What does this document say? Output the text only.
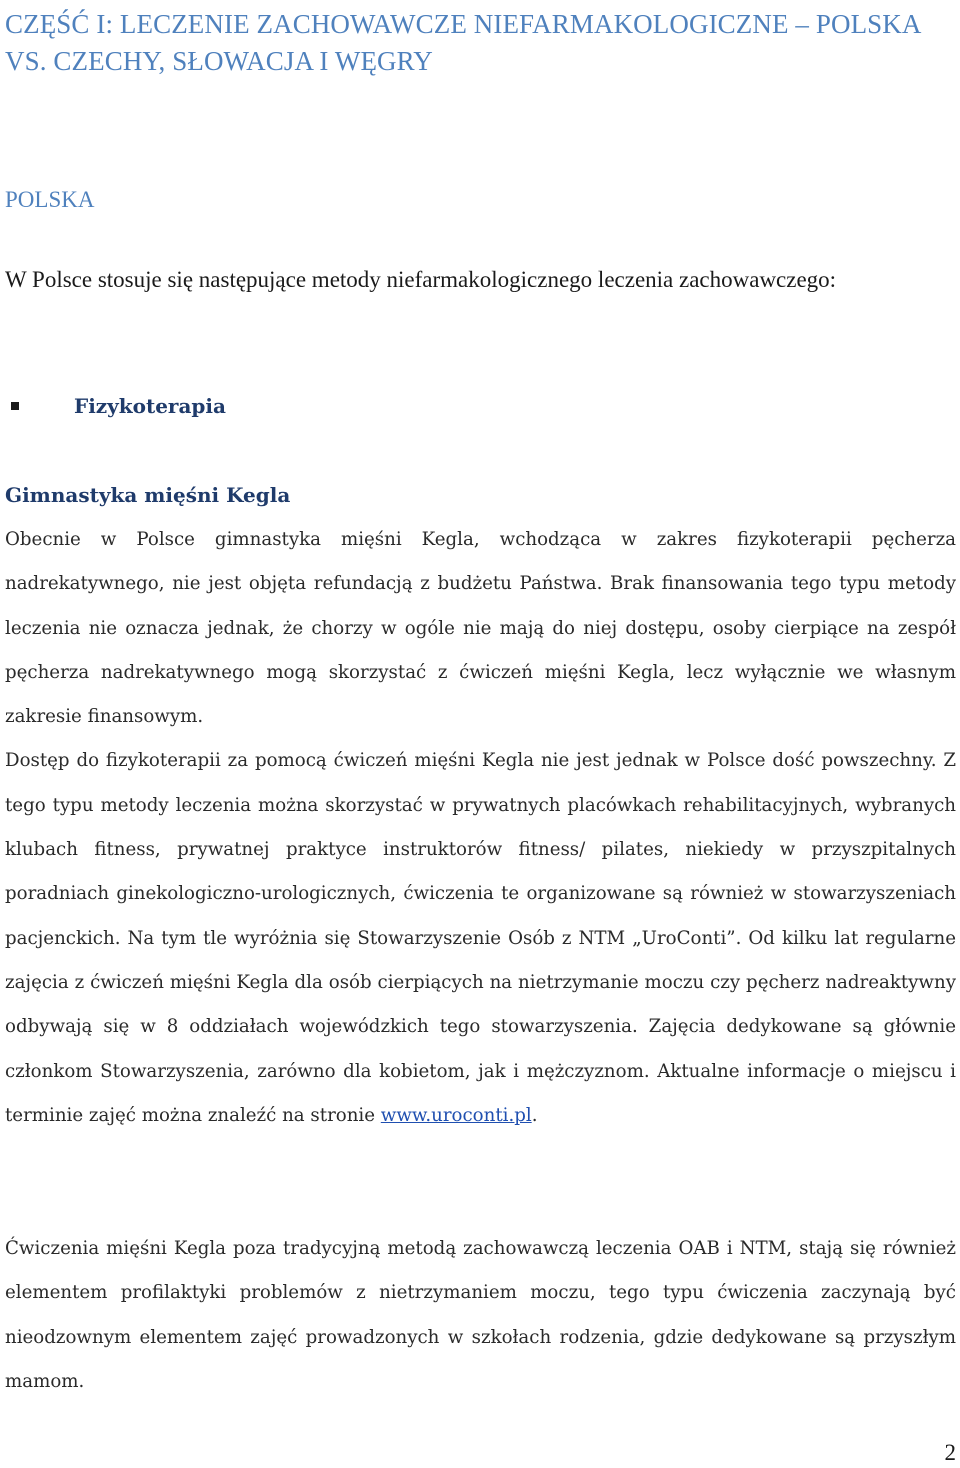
CZĘŚĆ I: LECZENIE ZACHOWAWCZE NIEFARMAKOLOGICZNE – POLSKA VS. CZECHY, SŁOWACJA I WĘGRY
POLSKA

W Polsce stosuje się następujące metody niefarmakologicznego leczenia zachowawczego:

Fizykoterapia
Gimnastyka mięśni Kegla

Obecnie w Polsce gimnastyka mięśni Kegla, wchodząca w zakres fizykoterapii pęcherza nadrekatywnego, nie jest objęta refundacją z budżetu Państwa. Brak finansowania tego typu metody leczenia nie oznacza jednak, że chorzy w ogóle nie mają do niej dostępu, osoby cierpiące na zespół pęcherza nadrekatywnego mogą skorzystać z ćwiczeń mięśni Kegla, lecz wyłącznie we własnym zakresie finansowym.

Dostęp do fizykoterapii za pomocą ćwiczeń mięśni Kegla nie jest jednak w Polsce dość powszechny. Z tego typu metody leczenia można skorzystać w prywatnych placówkach rehabilitacyjnych, wybranych klubach fitness, prywatnej praktyce instruktorów fitness/ pilates, niekiedy w przyszpitalnych poradniach ginekologiczno-urologicznych, ćwiczenia te organizowane są również w stowarzyszeniach pacjenckich. Na tym tle wyróżnia się Stowarzyszenie Osób z NTM „UroConti”. Od kilku lat regularne zajęcia z ćwiczeń mięśni Kegla dla osób cierpiących na nietrzymanie moczu czy pęcherz nadreaktywny odbywają się w 8 oddziałach wojewódzkich tego stowarzyszenia. Zajęcia dedykowane są głównie członkom Stowarzyszenia, zarówno dla kobietom, jak i mężczyznom. Aktualne informacje o miejscu i terminie zajęć można znaleźć na stronie www.uroconti.pl.

Ćwiczenia mięśni Kegla poza tradycyjną metodą zachowawczą leczenia OAB i NTM, stają się również elementem profilaktyki problemów z nietrzymaniem moczu, tego typu ćwiczenia zaczynają być nieodzownym elementem zajęć prowadzonych w szkołach rodzenia, gdzie dedykowane są przyszłym mamom.

2
